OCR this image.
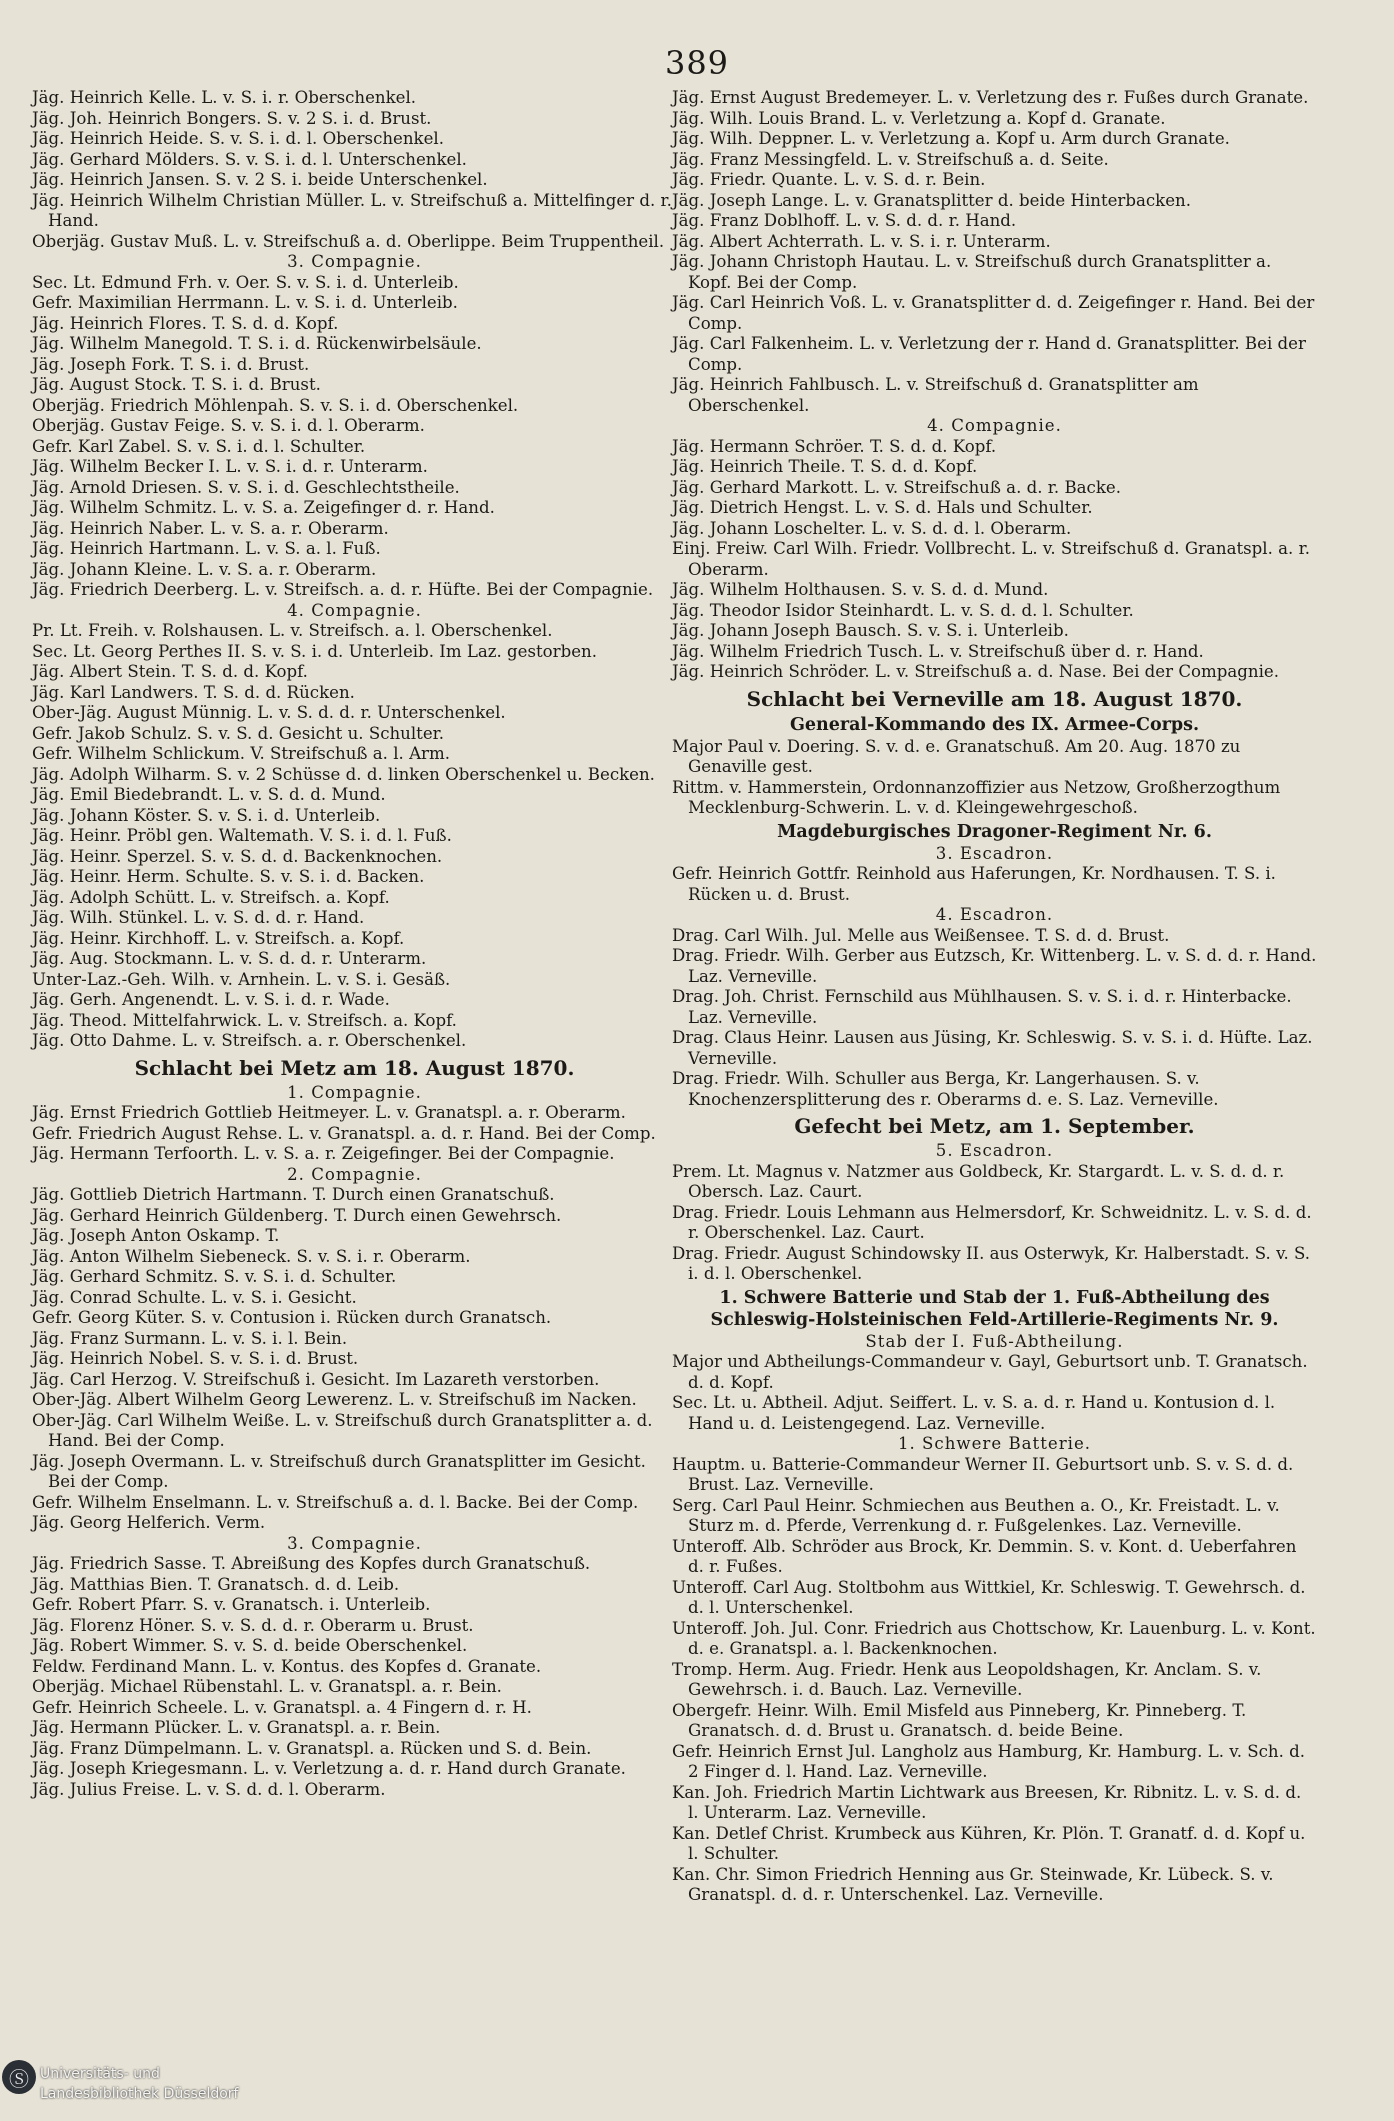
389
Jäg. Heinrich Kelle. L. v. S. i. r. Oberschenkel.
Jäg. Joh. Heinrich Bongers. S. v. 2 S. i. d. Brust.
Jäg. Heinrich Heide. S. v. S. i. d. l. Oberschenkel.
Jäg. Gerhard Mölders. S. v. S. i. d. l. Unterschenkel.
Jäg. Heinrich Jansen. S. v. 2 S. i. beide Unterschenkel.
Jäg. Heinrich Wilhelm Christian Müller. L. v. Streifschuß a. Mittelfinger d. r. Hand.
Oberjäg. Gustav Muß. L. v. Streifschuß a. d. Oberlippe. Beim Truppentheil.
3. Compagnie.
Sec. Lt. Edmund Frh. v. Oer. S. v. S. i. d. Unterleib.
Gefr. Maximilian Herrmann. L. v. S. i. d. Unterleib.
Jäg. Heinrich Flores. T. S. d. d. Kopf.
Jäg. Wilhelm Manegold. T. S. i. d. Rückenwirbelsäule.
Jäg. Joseph Fork. T. S. i. d. Brust.
Jäg. August Stock. T. S. i. d. Brust.
Oberjäg. Friedrich Möhlenpah. S. v. S. i. d. Oberschenkel.
Oberjäg. Gustav Feige. S. v. S. i. d. l. Oberarm.
Gefr. Karl Zabel. S. v. S. i. d. l. Schulter.
Jäg. Wilhelm Becker I. L. v. S. i. d. r. Unterarm.
Jäg. Arnold Driesen. S. v. S. i. d. Geschlechtstheile.
Jäg. Wilhelm Schmitz. L. v. S. a. Zeigefinger d. r. Hand.
Jäg. Heinrich Naber. L. v. S. a. r. Oberarm.
Jäg. Heinrich Hartmann. L. v. S. a. l. Fuß.
Jäg. Johann Kleine. L. v. S. a. r. Oberarm.
Jäg. Friedrich Deerberg. L. v. Streifsch. a. d. r. Hüfte. Bei der Compagnie.
4. Compagnie.
Pr. Lt. Freih. v. Rolshausen. L. v. Streifsch. a. l. Oberschenkel.
Sec. Lt. Georg Perthes II. S. v. S. i. d. Unterleib. Im Laz. gestorben.
Jäg. Albert Stein. T. S. d. d. Kopf.
Jäg. Karl Landwers. T. S. d. d. Rücken.
Ober-Jäg. August Münnig. L. v. S. d. d. r. Unterschenkel.
Gefr. Jakob Schulz. S. v. S. d. Gesicht u. Schulter.
Gefr. Wilhelm Schlickum. V. Streifschuß a. l. Arm.
Jäg. Adolph Wilharm. S. v. 2 Schüsse d. d. linken Oberschenkel u. Becken.
Jäg. Emil Biedebrandt. L. v. S. d. d. Mund.
Jäg. Johann Köster. S. v. S. i. d. Unterleib.
Jäg. Heinr. Pröbl gen. Waltemath. V. S. i. d. l. Fuß.
Jäg. Heinr. Sperzel. S. v. S. d. d. Backenknochen.
Jäg. Heinr. Herm. Schulte. S. v. S. i. d. Backen.
Jäg. Adolph Schütt. L. v. Streifsch. a. Kopf.
Jäg. Wilh. Stünkel. L. v. S. d. d. r. Hand.
Jäg. Heinr. Kirchhoff. L. v. Streifsch. a. Kopf.
Jäg. Aug. Stockmann. L. v. S. d. d. r. Unterarm.
Unter-Laz.-Geh. Wilh. v. Arnhein. L. v. S. i. Gesäß.
Jäg. Gerh. Angenendt. L. v. S. i. d. r. Wade.
Jäg. Theod. Mittelfahrwick. L. v. Streifsch. a. Kopf.
Jäg. Otto Dahme. L. v. Streifsch. a. r. Oberschenkel.
Schlacht bei Metz am 18. August 1870.
1. Compagnie.
Jäg. Ernst Friedrich Gottlieb Heitmeyer. L. v. Granatspl. a. r. Oberarm.
Gefr. Friedrich August Rehse. L. v. Granatspl. a. d. r. Hand. Bei der Comp.
Jäg. Hermann Terfoorth. L. v. S. a. r. Zeigefinger. Bei der Compagnie.
2. Compagnie.
Jäg. Gottlieb Dietrich Hartmann. T. Durch einen Granatschuß.
Jäg. Gerhard Heinrich Güldenberg. T. Durch einen Gewehrsch.
Jäg. Joseph Anton Oskamp. T.
Jäg. Anton Wilhelm Siebeneck. S. v. S. i. r. Oberarm.
Jäg. Gerhard Schmitz. S. v. S. i. d. Schulter.
Jäg. Conrad Schulte. L. v. S. i. Gesicht.
Gefr. Georg Küter. S. v. Contusion i. Rücken durch Granatsch.
Jäg. Franz Surmann. L. v. S. i. l. Bein.
Jäg. Heinrich Nobel. S. v. S. i. d. Brust.
Jäg. Carl Herzog. V. Streifschuß i. Gesicht. Im Lazareth verstorben.
Ober-Jäg. Albert Wilhelm Georg Lewerenz. L. v. Streifschuß im Nacken.
Ober-Jäg. Carl Wilhelm Weiße. L. v. Streifschuß durch Granatsplitter a. d. Hand. Bei der Comp.
Jäg. Joseph Overmann. L. v. Streifschuß durch Granatsplitter im Gesicht. Bei der Comp.
Gefr. Wilhelm Enselmann. L. v. Streifschuß a. d. l. Backe. Bei der Comp.
Jäg. Georg Helferich. Verm.
3. Compagnie.
Jäg. Friedrich Sasse. T. Abreißung des Kopfes durch Granatschuß.
Jäg. Matthias Bien. T. Granatsch. d. d. Leib.
Gefr. Robert Pfarr. S. v. Granatsch. i. Unterleib.
Jäg. Florenz Höner. S. v. S. d. d. r. Oberarm u. Brust.
Jäg. Robert Wimmer. S. v. S. d. beide Oberschenkel.
Feldw. Ferdinand Mann. L. v. Kontus. des Kopfes d. Granate.
Oberjäg. Michael Rübenstahl. L. v. Granatspl. a. r. Bein.
Gefr. Heinrich Scheele. L. v. Granatspl. a. 4 Fingern d. r. H.
Jäg. Hermann Plücker. L. v. Granatspl. a. r. Bein.
Jäg. Franz Dümpelmann. L. v. Granatspl. a. Rücken und S. d. Bein.
Jäg. Joseph Kriegesmann. L. v. Verletzung a. d. r. Hand durch Granate.
Jäg. Julius Freise. L. v. S. d. d. l. Oberarm.
Jäg. Ernst August Bredemeyer. L. v. Verletzung des r. Fußes durch Granate.
Jäg. Wilh. Louis Brand. L. v. Verletzung a. Kopf d. Granate.
Jäg. Wilh. Deppner. L. v. Verletzung a. Kopf u. Arm durch Granate.
Jäg. Franz Messingfeld. L. v. Streifschuß a. d. Seite.
Jäg. Friedr. Quante. L. v. S. d. r. Bein.
Jäg. Joseph Lange. L. v. Granatsplitter d. beide Hinterbacken.
Jäg. Franz Doblhoff. L. v. S. d. d. r. Hand.
Jäg. Albert Achterrath. L. v. S. i. r. Unterarm.
Jäg. Johann Christoph Hautau. L. v. Streifschuß durch Granatsplitter a. Kopf. Bei der Comp.
Jäg. Carl Heinrich Voß. L. v. Granatsplitter d. d. Zeigefinger r. Hand. Bei der Comp.
Jäg. Carl Falkenheim. L. v. Verletzung der r. Hand d. Granatsplitter. Bei der Comp.
Jäg. Heinrich Fahlbusch. L. v. Streifschuß d. Granatsplitter am Oberschenkel.
4. Compagnie.
Jäg. Hermann Schröer. T. S. d. d. Kopf.
Jäg. Heinrich Theile. T. S. d. d. Kopf.
Jäg. Gerhard Markott. L. v. Streifschuß a. d. r. Backe.
Jäg. Dietrich Hengst. L. v. S. d. Hals und Schulter.
Jäg. Johann Loschelter. L. v. S. d. d. l. Oberarm.
Einj. Freiw. Carl Wilh. Friedr. Vollbrecht. L. v. Streifschuß d. Granatspl. a. r. Oberarm.
Jäg. Wilhelm Holthausen. S. v. S. d. d. Mund.
Jäg. Theodor Isidor Steinhardt. L. v. S. d. d. l. Schulter.
Jäg. Johann Joseph Bausch. S. v. S. i. Unterleib.
Jäg. Wilhelm Friedrich Tusch. L. v. Streifschuß über d. r. Hand.
Jäg. Heinrich Schröder. L. v. Streifschuß a. d. Nase. Bei der Compagnie.
Schlacht bei Verneville am 18. August 1870.
General-Kommando des IX. Armee-Corps.
Major Paul v. Doering. S. v. d. e. Granatschuß. Am 20. Aug. 1870 zu Genaville gest.
Rittm. v. Hammerstein, Ordonnanzoffizier aus Netzow, Großherzogthum Mecklenburg-Schwerin. L. v. d. Kleingewehrgeschoß.
Magdeburgisches Dragoner-Regiment Nr. 6.
3. Escadron.
Gefr. Heinrich Gottfr. Reinhold aus Haferungen, Kr. Nordhausen. T. S. i. Rücken u. d. Brust.
4. Escadron.
Drag. Carl Wilh. Jul. Melle aus Weißensee. T. S. d. d. Brust.
Drag. Friedr. Wilh. Gerber aus Eutzsch, Kr. Wittenberg. L. v. S. d. d. r. Hand. Laz. Verneville.
Drag. Joh. Christ. Fernschild aus Mühlhausen. S. v. S. i. d. r. Hinterbacke. Laz. Verneville.
Drag. Claus Heinr. Lausen aus Jüsing, Kr. Schleswig. S. v. S. i. d. Hüfte. Laz. Verneville.
Drag. Friedr. Wilh. Schuller aus Berga, Kr. Langerhausen. S. v. Knochenzersplitterung des r. Oberarms d. e. S. Laz. Verneville.
Gefecht bei Metz, am 1. September.
5. Escadron.
Prem. Lt. Magnus v. Natzmer aus Goldbeck, Kr. Stargardt. L. v. S. d. d. r. Obersch. Laz. Caurt.
Drag. Friedr. Louis Lehmann aus Helmersdorf, Kr. Schweidnitz. L. v. S. d. d. r. Oberschenkel. Laz. Caurt.
Drag. Friedr. August Schindowsky II. aus Osterwyk, Kr. Halberstadt. S. v. S. i. d. l. Oberschenkel.
1. Schwere Batterie und Stab der 1. Fuß-Abtheilung des Schleswig-Holsteinischen Feld-Artillerie-Regiments Nr. 9.
Stab der I. Fuß-Abtheilung.
Major und Abtheilungs-Commandeur v. Gayl, Geburtsort unb. T. Granatsch. d. d. Kopf.
Sec. Lt. u. Abtheil. Adjut. Seiffert. L. v. S. a. d. r. Hand u. Kontusion d. l. Hand u. d. Leistengegend. Laz. Verneville.
1. Schwere Batterie.
Hauptm. u. Batterie-Commandeur Werner II. Geburtsort unb. S. v. S. d. d. Brust. Laz. Verneville.
Serg. Carl Paul Heinr. Schmiechen aus Beuthen a. O., Kr. Freistadt. L. v. Sturz m. d. Pferde, Verrenkung d. r. Fußgelenkes. Laz. Verneville.
Unteroff. Alb. Schröder aus Brock, Kr. Demmin. S. v. Kont. d. Ueberfahren d. r. Fußes.
Unteroff. Carl Aug. Stoltbohm aus Wittkiel, Kr. Schleswig. T. Gewehrsch. d. d. l. Unterschenkel.
Unteroff. Joh. Jul. Conr. Friedrich aus Chottschow, Kr. Lauenburg. L. v. Kont. d. e. Granatspl. a. l. Backenknochen.
Tromp. Herm. Aug. Friedr. Henk aus Leopoldshagen, Kr. Anclam. S. v. Gewehrsch. i. d. Bauch. Laz. Verneville.
Obergefr. Heinr. Wilh. Emil Misfeld aus Pinneberg, Kr. Pinneberg. T. Granatsch. d. d. Brust u. Granatsch. d. beide Beine.
Gefr. Heinrich Ernst Jul. Langholz aus Hamburg, Kr. Hamburg. L. v. Sch. d. 2 Finger d. l. Hand. Laz. Verneville.
Kan. Joh. Friedrich Martin Lichtwark aus Breesen, Kr. Ribnitz. L. v. S. d. d. l. Unterarm. Laz. Verneville.
Kan. Detlef Christ. Krumbeck aus Kühren, Kr. Plön. T. Granatf. d. d. Kopf u. l. Schulter.
Kan. Chr. Simon Friedrich Henning aus Gr. Steinwade, Kr. Lübeck. S. v. Granatspl. d. d. r. Unterschenkel. Laz. Verneville.
Ⓢ Universitäts- und
Landesbibliothek Düsseldorf
